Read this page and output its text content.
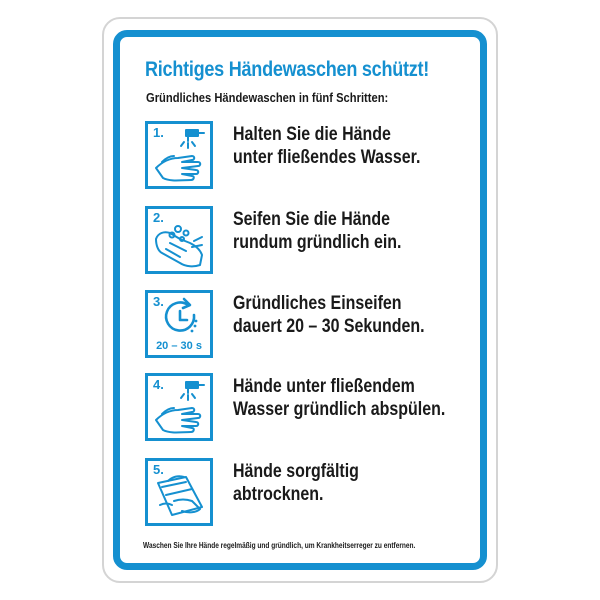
Richtiges Händewaschen schützt!
Gründliches Händewaschen in fünf Schritten:
1.	Halten Sie die Hände
unter fließendes Wasser.
2.	Seifen Sie die Hände
rundum gründlich ein.
3.
20 – 30 s
Gründliches Einseifen
dauert 20 – 30 Sekunden.
4.	Hände unter fließendem
Wasser gründlich abspülen.
5.	Hände sorgfältig
abtrocknen.
Waschen Sie Ihre Hände regelmäßig und gründlich, um Krankheitserreger zu entfernen.
